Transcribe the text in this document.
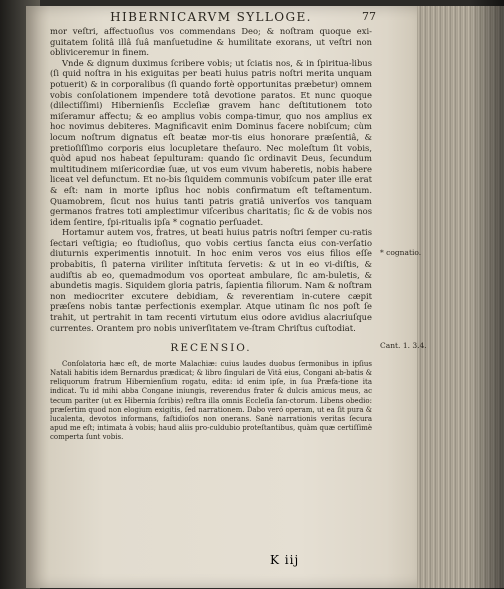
HIBERNICARVM SYLLOGE.	77

mor veſtri, affectuoſius vos commendans Deo; & noſtram quoque exi-guitatem ſolitâ illâ ſuâ manſuetudine & humilitate exorans, ut veſtri non obliviceremur in finem.

Vnde & dignum duximus ſcribere vobis; ut ſciatis nos, & in ſpiritua-libus (ſi quid noſtra in his exiguitas per beati huius patris noſtri merita unquam potuerit) & in corporalibus (ſi quando fortè opportunitas præbetur) omnem vobis conſolationem impendere totâ devotione paratos. Et nunc quoque (dilectiſſimi) Hibernienſis Eccleſiæ gravem hanc deſtitutionem toto miſeramur affectu; & eo amplius vobis compa-timur, quo nos amplius ex hoc novimus debiteres. Magnificavit enim Dominus facere nobiſcum; cùm locum noſtrum dignatus eſt beatæ mor-tis eius honorare præſentiâ, & pretioſiſſimo corporis eius locupletare theſauro. Nec moleſtum ſit vobis, quòd apud nos habeat ſepulturam: quando ſic ordinavit Deus, ſecundum multitudinem miſericordiæ ſuæ, ut vos eum vivum haberetis, nobis habere liceat vel defunctum. Et no-bis ſiquidem communis vobiſcum pater ille erat & eſt: nam in morte ipſius hoc nobis confirmatum eſt teſtamentum. Quamobrem, ſicut nos huius tanti patris gratiâ univerſos vos tanquam germanos fratres toti ampleɛtimur viſceribus charitatis; ſic & de vobis nos idem ſentire, ſpi-ritualis ipſa * cognatio perſuadet.

Hortamur autem vos, fratres, ut beati huius patris noſtri ſemper cu-ratis ſectari veſtigia; eo ſtudioſius, quo vobis certius ſancta eius con-verſatio diuturnis experimentis innotuit. In hoc enim veros vos eius filios eſſe probabitis, ſi paterna viriliter inſtituta ſervetis: & ut in eo vi-diſtis, & audiſtis ab eo, quemadmodum vos oporteat ambulare, ſic am-buletis, & abundetis magis. Siquidem gloria patris, ſapientia filiorum. Nam & noſtram non mediocriter excutere debidiam, & reverentiam in-cutere cæpit præſens nobis tantæ perfectionis exemplar. Atque utinam ſic nos poſt ſe trahit, ut pertrahit in tam recenti virtutum eius odore avidius alacriuſque currentes. Orantem pro nobis univerſitatem ve-ſtram Chriſtus cuſtodiat.

RECENSIO.

Conſolatoria hæc eſt, de morte Malachiæ: cuius laudes duobus ſermonibus in ipſius Natali habitis idem Bernardus prædicat; & libro ſingulari de Vitâ eius, Congani ab-batis & reliquorum fratrum Hibernienſium rogatu, edita: id enim ipſe, in ſua Præfa-tione ita indicat. Tu id mihi abba Congane iniungis, reverendus frater & dulcis amicus meus, ac tecum pariter (ut ex Hibernia ſcribis) reſtra illa omnis Eccleſia ſan-ctorum. Libens obedio: præſertim quod non elogium exigitis, ſed narrationem. Dabo veró operam, ut ea ſit pura & lucalenta, devotos informans, faſtidioſos non onerans. Sanè narrationis veritas ſecura apud me eſt; intimata à vobis; haud aliis pro-culdubio proteſtantibus, quàm quæ certiſſimè comperta ſunt vobis.

* cognatio.
Cant. 1. 3.4.
K iij
